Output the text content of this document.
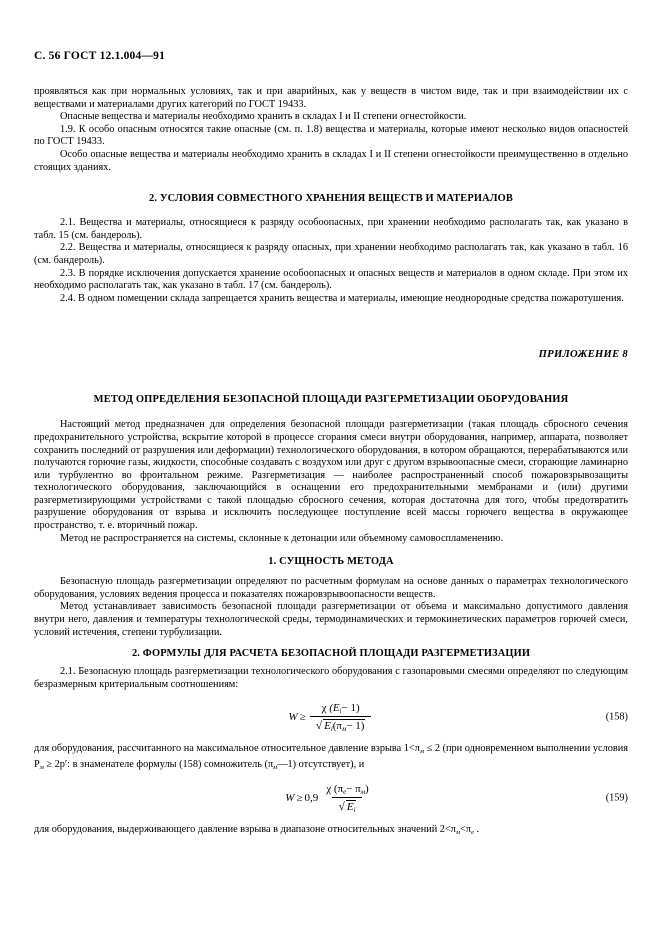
С. 56 ГОСТ 12.1.004—91

проявляться как при нормальных условиях, так и при аварийных, как у веществ в чистом виде, так и при взаимодействии их с веществами и материалами других категорий по ГОСТ 19433.

Опасные вещества и материалы необходимо хранить в складах I и II степени огнестойкости.

1.9. К особо опасным относятся такие опасные (см. п. 1.8) вещества и материалы, которые имеют несколько видов опасностей по ГОСТ 19433.

Особо опасные вещества и материалы необходимо хранить в складах I и II степени огнестойкости преимущественно в отдельно стоящих зданиях.

2. УСЛОВИЯ СОВМЕСТНОГО ХРАНЕНИЯ ВЕЩЕСТВ И МАТЕРИАЛОВ

2.1. Вещества и материалы, относящиеся к разряду особоопасных, при хранении необходимо располагать так, как указано в табл. 15 (см. бандероль).

2.2. Вещества и материалы, относящиеся к разряду опасных, при хранении необходимо располагать так, как указано в табл. 16 (см. бандероль).

2.3. В порядке исключения допускается хранение особоопасных и опасных веществ и материалов в одном складе. При этом их необходимо располагать так, как указано в табл. 17 (см. бандероль).

2.4. В одном помещении склада запрещается хранить вещества и материалы, имеющие неоднородные средства пожаротушения.

ПРИЛОЖЕНИЕ 8
МЕТОД ОПРЕДЕЛЕНИЯ БЕЗОПАСНОЙ ПЛОЩАДИ РАЗГЕРМЕТИЗАЦИИ ОБОРУДОВАНИЯ

Настоящий метод предназначен для определения безопасной площади разгерметизации (такая площадь сбросного сечения предохранительного устройства, вскрытие которой в процессе сгорания смеси внутри оборудования, например, аппарата, позволяет сохранить последний от разрушения или деформации) технологического оборудования, в котором обращаются, перерабатываются или получаются горючие газы, жидкости, способные создавать с воздухом или друг с другом взрывоопасные смеси, сгорающие ламинарно или турбулентно во фронтальном режиме. Разгерметизация — наиболее распространенный способ пожаровзрывозащиты технологического оборудования, заключающийся в оснащении его предохранительными мембранами и (или) другими разгерметизирующими устройствами с такой площадью сбросного сечения, которая достаточна для того, чтобы предотвратить разрушение оборудования от взрыва и исключить последующее поступление всей массы горючего вещества в окружающее пространство, т. е. вторичный пожар.

Метод не распространяется на системы, склонные к детонации или объемному самовоспламенению.

1. СУЩНОСТЬ МЕТОДА

Безопасную площадь разгерметизации определяют по расчетным формулам на основе данных о параметрах технологического оборудования, условиях ведения процесса и показателях пожаровзрывоопасности веществ.

Метод устанавливает зависимость безопасной площади разгерметизации от объема и максимально допустимого давления внутри него, давления и температуры технологической среды, термодинамических и термокинетических параметров горючей смеси, условий истечения, степени турбулизации.

2. ФОРМУЛЫ ДЛЯ РАСЧЕТА БЕЗОПАСНОЙ ПЛОЩАДИ РАЗГЕРМЕТИЗАЦИИ

2.1. Безопасную площадь разгерметизации технологического оборудования с газопаровыми смесями определяют по следующим безразмерным критериальным соотношениям:

$W \ge \frac{\chi (E_i- 1)}{√ E_i(\pi_м- 1)}$	(158)

для оборудования, рассчитанного на максимальное относительное давление взрыва $1<\pi_м \le 2$ (при одновременном выполнении условия $P_м \ge 2p'$: в знаменателе формулы (158) сомножитель $(\pi_м—1)$ отсутствует), и

$W \ge 0,9 \frac{\chi (\pi_e- \pi_м)}{√ E_i}$	(159)

для оборудования, выдерживающего давление взрыва в диапазоне относительных значений $2<\pi_м<\pi_е$ .
